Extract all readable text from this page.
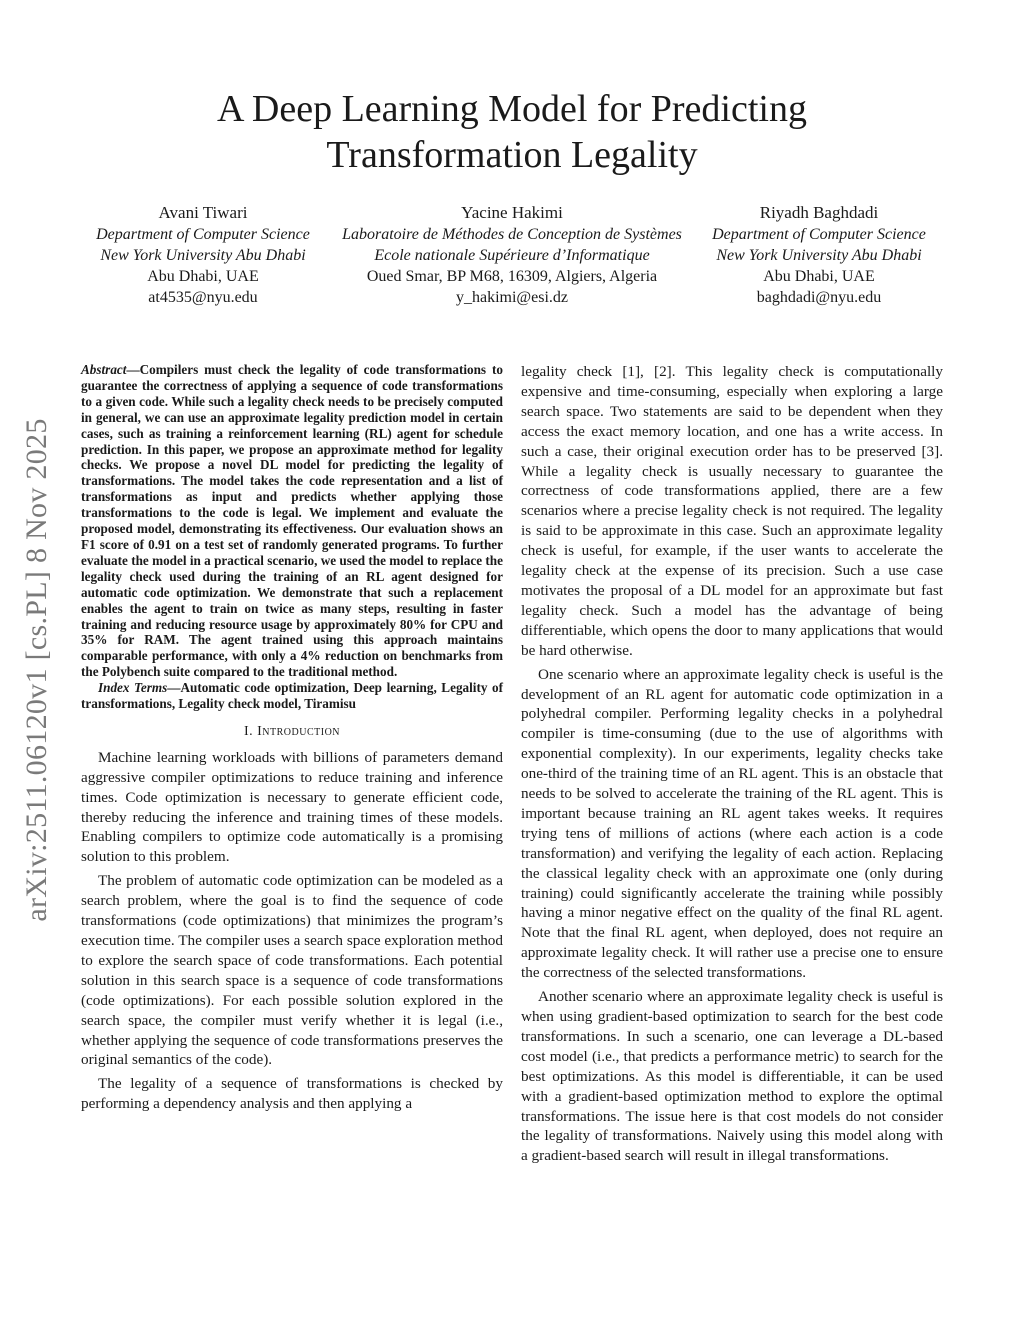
arXiv:2511.06120v1 [cs.PL] 8 Nov 2025
A Deep Learning Model for Predicting
Transformation Legality
Avani Tiwari
Department of Computer Science
New York University Abu Dhabi
Abu Dhabi, UAE
at4535@nyu.edu
Yacine Hakimi
Laboratoire de Méthodes de Conception de Systèmes
Ecole nationale Supérieure d’Informatique
Oued Smar, BP M68, 16309, Algiers, Algeria
y_hakimi@esi.dz
Riyadh Baghdadi
Department of Computer Science
New York University Abu Dhabi
Abu Dhabi, UAE
baghdadi@nyu.edu

Abstract—Compilers must check the legality of code transformations to guarantee the correctness of applying a sequence of code transformations to a given code. While such a legality check needs to be precisely computed in general, we can use an approximate legality prediction model in certain cases, such as training a reinforcement learning (RL) agent for schedule prediction. In this paper, we propose an approximate method for legality checks. We propose a novel DL model for predicting the legality of transformations. The model takes the code representation and a list of transformations as input and predicts whether applying those transformations to the code is legal. We implement and evaluate the proposed model, demonstrating its effectiveness. Our evaluation shows an F1 score of 0.91 on a test set of randomly generated programs. To further evaluate the model in a practical scenario, we used the model to replace the legality check used during the training of an RL agent designed for automatic code optimization. We demonstrate that such a replacement enables the agent to train on twice as many steps, resulting in faster training and reducing resource usage by approximately 80% for CPU and 35% for RAM. The agent trained using this approach maintains comparable performance, with only a 4% reduction on benchmarks from the Polybench suite compared to the traditional method.

Index Terms—Automatic code optimization, Deep learning, Legality of transformations, Legality check model, Tiramisu

I. Introduction

Machine learning workloads with billions of parameters demand aggressive compiler optimizations to reduce training and inference times. Code optimization is necessary to generate efficient code, thereby reducing the inference and training times of these models. Enabling compilers to optimize code automatically is a promising solution to this problem.

The problem of automatic code optimization can be modeled as a search problem, where the goal is to find the sequence of code transformations (code optimizations) that minimizes the program’s execution time. The compiler uses a search space exploration method to explore the search space of code transformations. Each potential solution in this search space is a sequence of code transformations (code optimizations). For each possible solution explored in the search space, the compiler must verify whether it is legal (i.e., whether applying the sequence of code transformations preserves the original semantics of the code).

The legality of a sequence of transformations is checked by performing a dependency analysis and then applying a

legality check [1], [2]. This legality check is computationally expensive and time-consuming, especially when exploring a large search space. Two statements are said to be dependent when they access the exact memory location, and one has a write access. In such a case, their original execution order has to be preserved [3]. While a legality check is usually necessary to guarantee the correctness of code transformations applied, there are a few scenarios where a precise legality check is not required. The legality is said to be approximate in this case. Such an approximate legality check is useful, for example, if the user wants to accelerate the legality check at the expense of its precision. Such a use case motivates the proposal of a DL model for an approximate but fast legality check. Such a model has the advantage of being differentiable, which opens the door to many applications that would be hard otherwise.

One scenario where an approximate legality check is useful is the development of an RL agent for automatic code optimization in a polyhedral compiler. Performing legality checks in a polyhedral compiler is time-consuming (due to the use of algorithms with exponential complexity). In our experiments, legality checks take one-third of the training time of an RL agent. This is an obstacle that needs to be solved to accelerate the training of the RL agent. This is important because training an RL agent takes weeks. It requires trying tens of millions of actions (where each action is a code transformation) and verifying the legality of each action. Replacing the classical legality check with an approximate one (only during training) could significantly accelerate the training while possibly having a minor negative effect on the quality of the final RL agent. Note that the final RL agent, when deployed, does not require an approximate legality check. It will rather use a precise one to ensure the correctness of the selected transformations.

Another scenario where an approximate legality check is useful is when using gradient-based optimization to search for the best code transformations. In such a scenario, one can leverage a DL-based cost model (i.e., that predicts a performance metric) to search for the best optimizations. As this model is differentiable, it can be used with a gradient-based optimization method to explore the optimal transformations. The issue here is that cost models do not consider the legality of transformations. Naively using this model along with a gradient-based search will result in illegal transformations.
